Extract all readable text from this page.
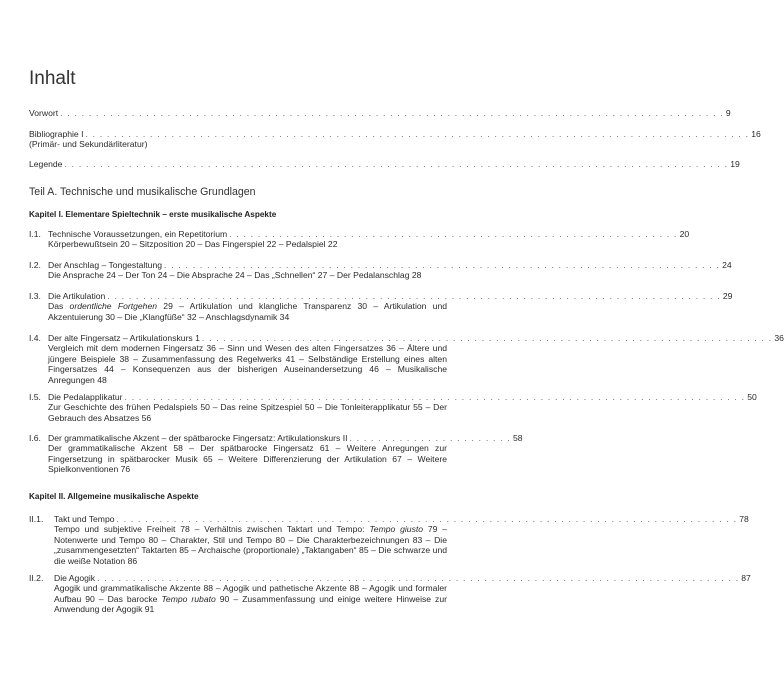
Inhalt
Vorwort . . . . . . . . . . . . . . . . . . . . . . . . . . . . . . . . . . . . . . . . . . . . . . . . . . . . . . . . . . . . . . . . . . . . . . . . . . . . . . . . . . . . . . . . . . . . . 9
Bibliographie I . . . . . . . . . . . . . . . . . . . . . . . . . . . . . . . . . . . . . . . . . . . . . . . . . . . . . . . . . . . . . . . . . . . . . . . . . . . . . . . . . . . . . . . . . . . . . 16
(Primär- und Sekundärliteratur)
Legende . . . . . . . . . . . . . . . . . . . . . . . . . . . . . . . . . . . . . . . . . . . . . . . . . . . . . . . . . . . . . . . . . . . . . . . . . . . . . . . . . . . . . . . . . . . . . 19
Teil A. Technische und musikalische Grundlagen
Kapitel I. Elementare Spieltechnik – erste musikalische Aspekte
I.1. Technische Voraussetzungen, ein Repetitorium . . . . . . . . . . . . . . . . . . . . . . . . . . . . . . . . . . . . . . . . . . . . . . . . . . . . . . . . . . . . . . . 20
Körperbewußtsein 20 – Sitzposition 20 – Das Fingerspiel 22 – Pedalspiel 22
I.2. Der Anschlag – Tongestaltung . . . . . . . . . . . . . . . . . . . . . . . . . . . . . . . . . . . . . . . . . . . . . . . . . . . . . . . . . . . . . . . . . . . . . . . . . . . . . . 24
Die Ansprache 24 – Der Ton 24 – Die Absprache 24 – Das „Schnellen“ 27 – Der Pedalanschlag 28
I.3. Die Artikulation . . . . . . . . . . . . . . . . . . . . . . . . . . . . . . . . . . . . . . . . . . . . . . . . . . . . . . . . . . . . . . . . . . . . . . . . . . . . . . . . . . . . . . 29
Das ordentliche Fortgehen 29 – Artikulation und klangliche Transparenz 30 – Artikulation und Akzentuierung 30 – Die „Klangfüße“ 32 – Anschlagsdynamik 34
I.4. Der alte Fingersatz – Artikulationskurs 1 . . . . . . . . . . . . . . . . . . . . . . . . . . . . . . . . . . . . . . . . . . . . . . . . . . . . . . . . . . . . . . . . . . . . . . . . . . . . . . . . 36
Vergleich mit dem modernen Fingersatz 36 – Sinn und Wesen des alten Fingersatzes 36 – Ältere und jüngere Beispiele 38 – Zusammenfassung des Regelwerks 41 – Selbständige Erstellung eines alten Fingersatzes 44 – Konsequenzen aus der bisherigen Auseinandersetzung 46 – Musikalische Anregungen 48
I.5. Die Pedalapplikatur . . . . . . . . . . . . . . . . . . . . . . . . . . . . . . . . . . . . . . . . . . . . . . . . . . . . . . . . . . . . . . . . . . . . . . . . . . . . . . . . . . . . . . . 50
Zur Geschichte des frühen Pedalspiels 50 – Das reine Spitzespiel 50 – Die Tonleiterapplikatur 55 – Der Gebrauch des Absatzes 56
I.6. Der grammatikalische Akzent – der spätbarocke Fingersatz: Artikulationskurs II . . . . . . . . . . . . . . . . . . . . . . . 58
Der grammatikalische Akzent 58 – Der spätbarocke Fingersatz 61 – Weitere Anregungen zur Fingersetzung in spätbarocker Musik 65 – Weitere Differenzierung der Artikulation 67 – Weitere Spielkonventionen 76
Kapitel II. Allgemeine musikalische Aspekte
II.1. Takt und Tempo . . . . . . . . . . . . . . . . . . . . . . . . . . . . . . . . . . . . . . . . . . . . . . . . . . . . . . . . . . . . . . . . . . . . . . . . . . . . . . . . . . . . . . . 78
Tempo und subjektive Freiheit 78 – Verhältnis zwischen Taktart und Tempo: Tempo giusto 79 – Notenwerte und Tempo 80 – Charakter, Stil und Tempo 80 – Die Charakterbezeichnungen 83 – Die „zusammengesetzten“ Taktarten 85 – Archaische (proportionale) „Taktangaben“ 85 – Die schwarze und die weiße Notation 86
II.2. Die Agogik . . . . . . . . . . . . . . . . . . . . . . . . . . . . . . . . . . . . . . . . . . . . . . . . . . . . . . . . . . . . . . . . . . . . . . . . . . . . . . . . . . . . . . . . . . 87
Agogik und grammatikalische Akzente 88 – Agogik und pathetische Akzente 88 – Agogik und formaler Aufbau 90 – Das barocke Tempo rubato 90 – Zusammenfassung und einige weitere Hinweise zur Anwendung der Agogik 91
